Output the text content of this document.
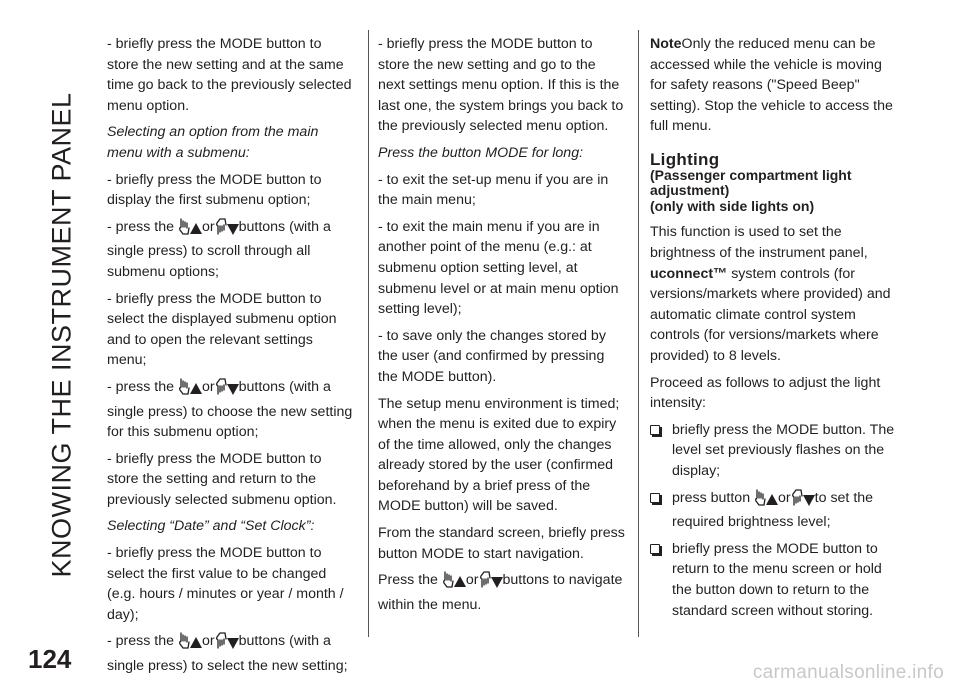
KNOWING THE INSTRUMENT PANEL
124

- briefly press the MODE button to store the new setting and at the same time go back to the previously selected menu option.

Selecting an option from the main menu with a submenu:

- briefly press the MODE button to display the first submenu option;

- press the or buttons (with a single press) to scroll through all submenu options;

- briefly press the MODE button to select the displayed submenu option and to open the relevant settings menu;

- press the or buttons (with a single press) to choose the new setting for this submenu option;

- briefly press the MODE button to store the setting and return to the previously selected submenu option.

Selecting “Date” and “Set Clock”:

- briefly press the MODE button to select the first value to be changed (e.g. hours / minutes or year / month / day);

- press the or buttons (with a single press) to select the new setting;

- briefly press the MODE button to store the new setting and go to the next settings menu option. If this is the last one, the system brings you back to the previously selected menu option.

Press the button MODE for long:

- to exit the set-up menu if you are in the main menu;

- to exit the main menu if you are in another point of the menu (e.g.: at submenu option setting level, at submenu level or at main menu option setting level);

- to save only the changes stored by the user (and confirmed by pressing the MODE button).

The setup menu environment is timed; when the menu is exited due to expiry of the time allowed, only the changes already stored by the user (confirmed beforehand by a brief press of the MODE button) will be saved.

From the standard screen, briefly press button MODE to start navigation.

Press the or buttons to navigate within the menu.

NoteOnly the reduced menu can be accessed while the vehicle is moving for safety reasons ("Speed Beep" setting). Stop the vehicle to access the full menu.

Lighting
(Passenger compartment light adjustment)
(only with side lights on)

This function is used to set the brightness of the instrument panel, uconnect™ system controls (for versions/markets where provided) and automatic climate control system controls (for versions/markets where provided) to 8 levels.

Proceed as follows to adjust the light intensity:

briefly press the MODE button. The level set previously flashes on the display;
press button or to set the required brightness level;
briefly press the MODE button to return to the menu screen or hold the button down to return to the standard screen without storing.
carmanualsonline.info
